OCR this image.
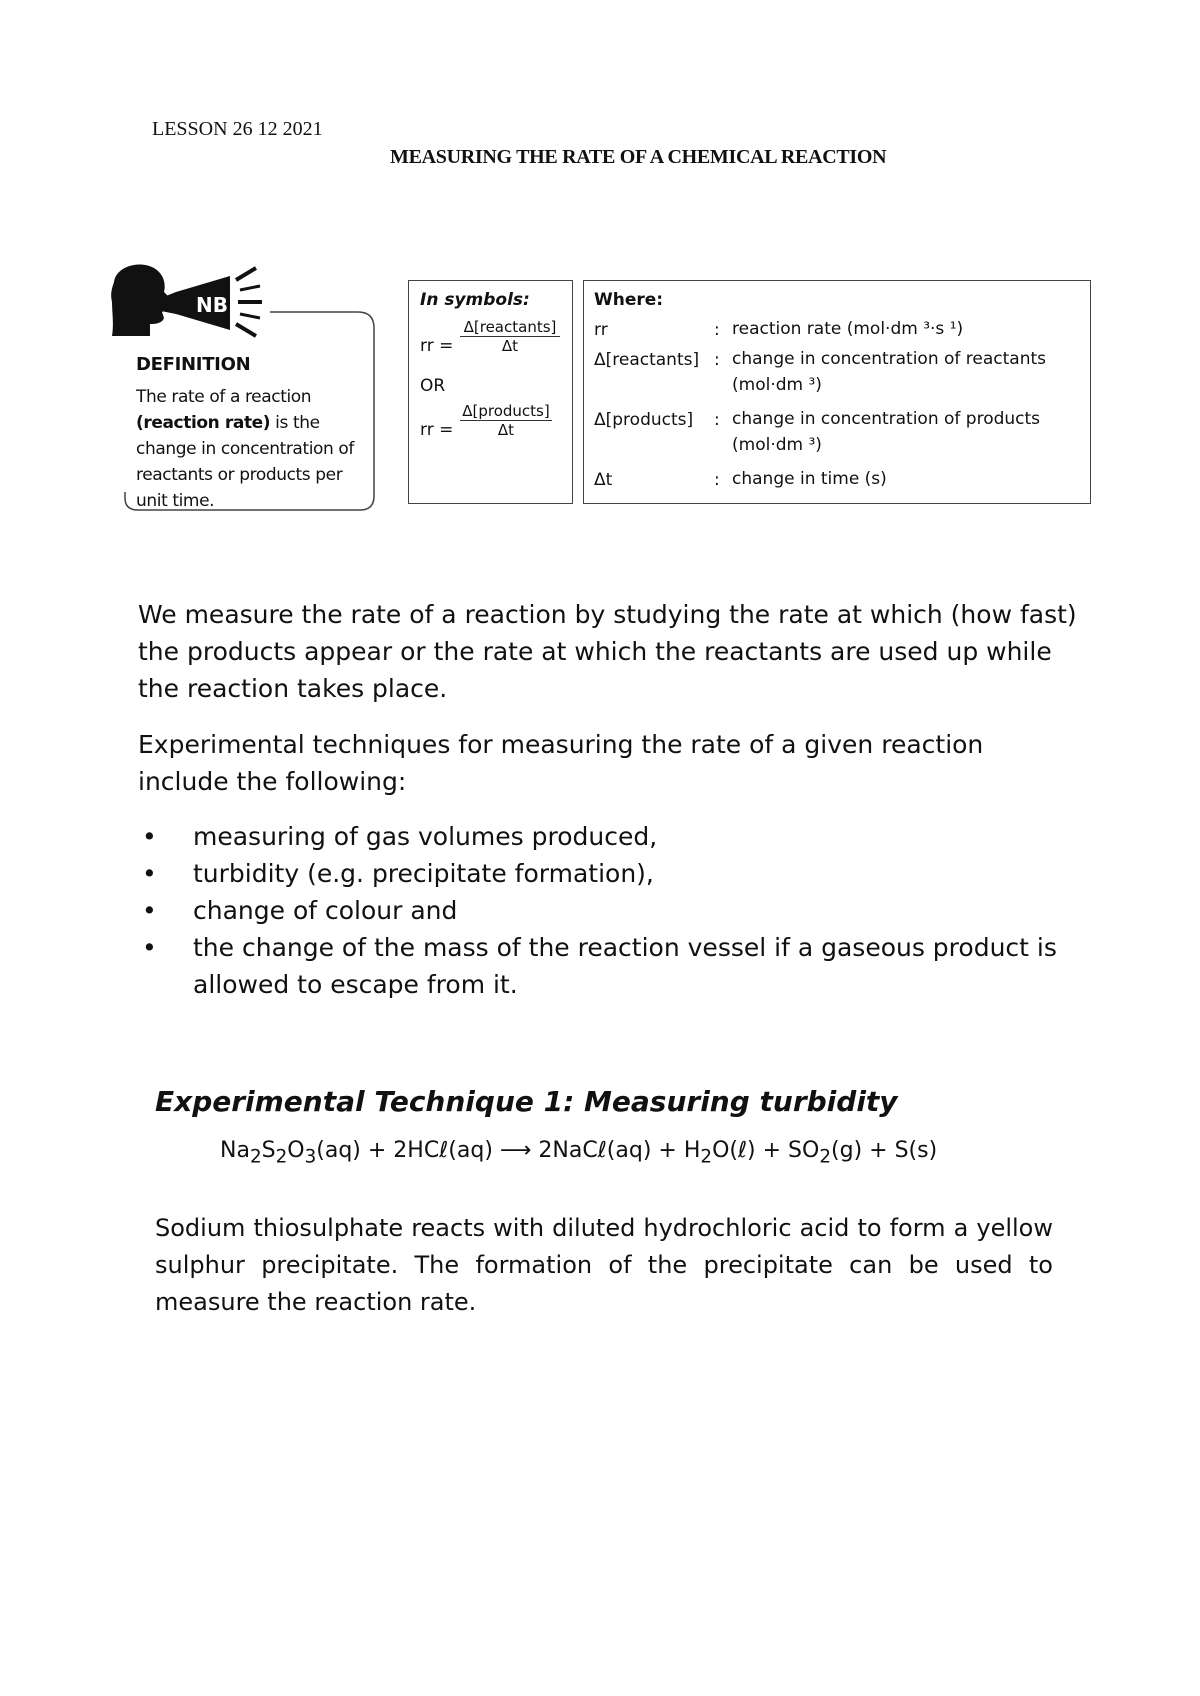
LESSON 26 12 2021
MEASURING THE RATE OF A CHEMICAL REACTION
NB
DEFINITION
The rate of a reaction (reaction rate) is the change in concentration of reactants or products per unit time.
In symbols:
rr =
Δ[reactants]
Δt
OR
rr =
Δ[products]
Δt
Where:
rr	: reaction rate (mol·dm ³·s ¹)
Δ[reactants] : change in concentration of reactants (mol·dm ³)
Δ[products] : change in concentration of products (mol·dm ³)
Δt	: change in time (s)
We measure the rate of a reaction by studying the rate at which (how fast) the products appear or the rate at which the reactants are used up while the reaction takes place.
Experimental techniques for measuring the rate of a given reaction include the following:
• measuring of gas volumes produced,
• turbidity (e.g. precipitate formation),
• change of colour and
• the change of the mass of the reaction vessel if a gaseous product is allowed to escape from it.
Experimental Technique 1: Measuring turbidity
$Na_2S_2O_3(aq)$ + 2HCℓ(aq) ⟶ 2NaCℓ(aq) + $H_2O(\ell) + SO_2(g) + S(s)$
Sodium thiosulphate reacts with diluted hydrochloric acid to form a yellow sulphur precipitate. The formation of the precipitate can be used to measure the reaction rate.
